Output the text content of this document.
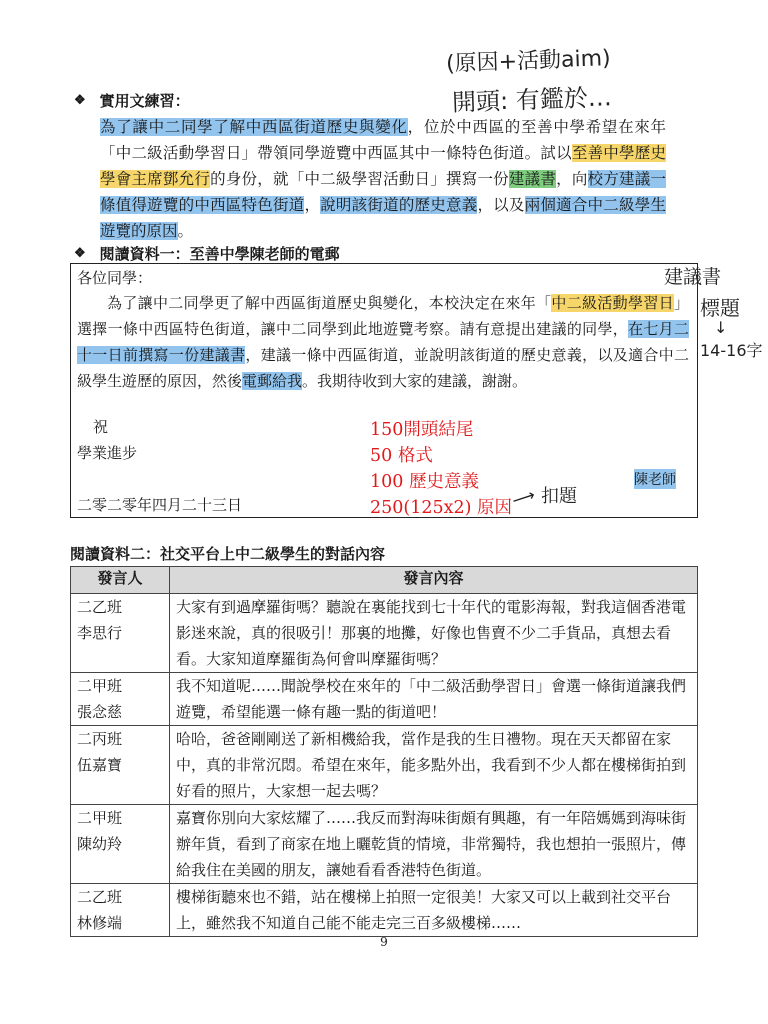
(原因+活動aim)
開頭: 有鑑於…
建議書
標題
↓
14-16字
❖ 實用文練習：
為了讓中二同學了解中西區街道歷史與變化，位於中西區的至善中學希望在來年「中二級活動學習日」帶領同學遊覽中西區其中一條特色街道。試以至善中學歷史學會主席鄧允行的身份，就「中二級學習活動日」撰寫一份建議書，向校方建議一條值得遊覽的中西區特色街道，說明該街道的歷史意義，以及兩個適合中二級學生遊覽的原因。
❖ 閱讀資料一：至善中學陳老師的電郵
各位同學：
為了讓中二同學更了解中西區街道歷史與變化，本校決定在來年「中二級活動學習日」選擇一條中西區特色街道，讓中二同學到此地遊覽考察。請有意提出建議的同學，在七月二十一日前撰寫一份建議書，建議一條中西區街道，並說明該街道的歷史意義，以及適合中二級學生遊歷的原因，然後電郵給我。我期待收到大家的建議，謝謝。
祝
學業進步
二零二零年四月二十三日
陳老師
150開頭結尾
50 格式
100 歷史意義
250(125x2) 原因
⟶ 扣題
閱讀資料二：社交平台上中二級學生的對話內容
發言人	發言內容

二乙班
李思行	大家有到過摩羅街嗎？聽說在裏能找到七十年代的電影海報，對我這個香港電影迷來說，真的很吸引！那裏的地攤，好像也售賣不少二手貨品，真想去看看。大家知道摩羅街為何會叫摩羅街嗎？

二甲班
張念慈	我不知道呢……聞說學校在來年的「中二級活動學習日」會選一條街道讓我們遊覽，希望能選一條有趣一點的街道吧！

二丙班
伍嘉寶	哈哈，爸爸剛剛送了新相機給我，當作是我的生日禮物。現在天天都留在家中，真的非常沉悶。希望在來年，能多點外出，我看到不少人都在樓梯街拍到好看的照片，大家想一起去嗎？

二甲班
陳幼羚	嘉寶你別向大家炫耀了……我反而對海味街頗有興趣，有一年陪媽媽到海味街辦年貨，看到了商家在地上曬乾貨的情境，非常獨特，我也想拍一張照片，傳給我住在美國的朋友，讓她看看香港特色街道。

二乙班
林修端	樓梯街聽來也不錯，站在樓梯上拍照一定很美！大家又可以上載到社交平台上，雖然我不知道自己能不能走完三百多級樓梯……
9
